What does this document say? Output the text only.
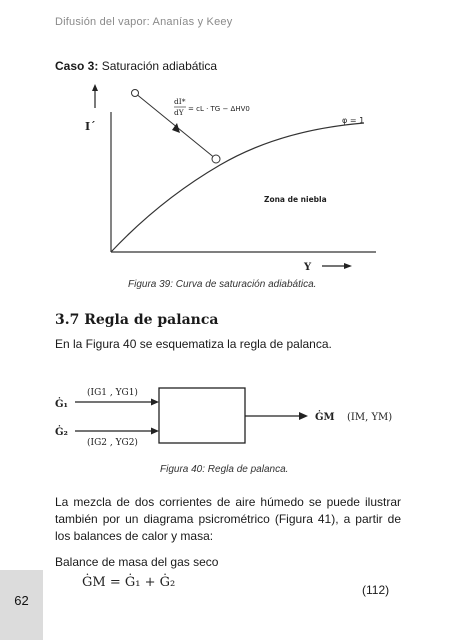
Difusión del vapor: Ananías y Keey
Caso 3: Saturación adiabática
dI*
dY = cL · TG − ΔHV0
φ = 1
Zona de niebla
I´
Y
Figura 39: Curva de saturación adiabática.
3.7 Regla de palanca
En la Figura 40 se esquematiza la regla de palanca.
Ġ₁
(IG1 , YG1)
Ġ₂
(IG2 , YG2)
ĠM (IM, YM)
Figura 40: Regla de palanca.
La mezcla de dos corrientes de aire húmedo se puede ilustrar también por un diagrama psicrométrico (Figura 41), a partir de los balances de calor y masa:
Balance de masa del gas seco
ĠM = Ġ₁ + Ġ₂	(112)
62
